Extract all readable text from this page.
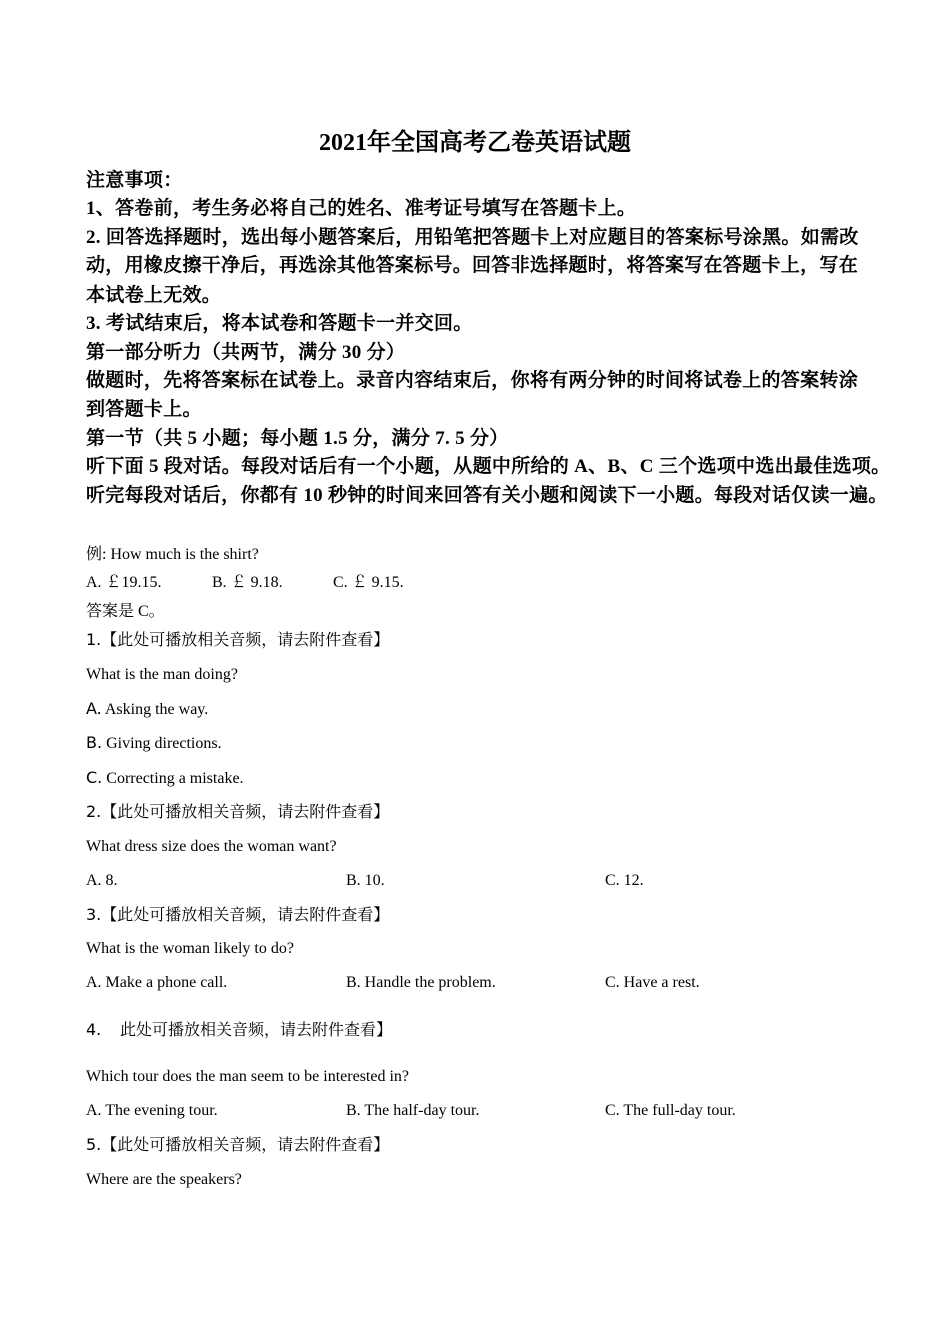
2021年全国高考乙卷英语试题
注意事项：
1、答卷前，考生务必将自己的姓名、准考证号填写在答题卡上。
2. 回答选择题时，选出每小题答案后，用铅笔把答题卡上对应题目的答案标号涂黑。如需改
动，用橡皮擦干净后，再选涂其他答案标号。回答非选择题时，将答案写在答题卡上，写在
本试卷上无效。
3. 考试结束后，将本试卷和答题卡一并交回。
第一部分听力（共两节，满分 30 分）
做题时，先将答案标在试卷上。录音内容结束后，你将有两分钟的时间将试卷上的答案转涂
到答题卡上。
第一节（共 5 小题；每小题 1.5 分，满分 7. 5 分）
听下面 5 段对话。每段对话后有一个小题，从题中所给的 A、B、C 三个选项中选出最佳选项。
听完每段对话后，你都有 10 秒钟的时间来回答有关小题和阅读下一小题。每段对话仅读一遍。
例: How much is the shirt?
A. ￡19.15.	B. ￡ 9.18.	C. ￡ 9.15.
答案是 C。
1.【此处可播放相关音频，请去附件查看】
What is the man doing?
A. Asking the way.
B. Giving directions.
C. Correcting a mistake.
2.【此处可播放相关音频，请去附件查看】
What dress size does the woman want?
A. 8.	B. 10.	C. 12.
3.【此处可播放相关音频，请去附件查看】
What is the woman likely to do?
A. Make a phone call.	B. Handle the problem.	C. Have a rest.
4. 此处可播放相关音频，请去附件查看】
Which tour does the man seem to be interested in?
A. The evening tour.	B. The half-day tour.	C. The full-day tour.
5.【此处可播放相关音频，请去附件查看】
Where are the speakers?
